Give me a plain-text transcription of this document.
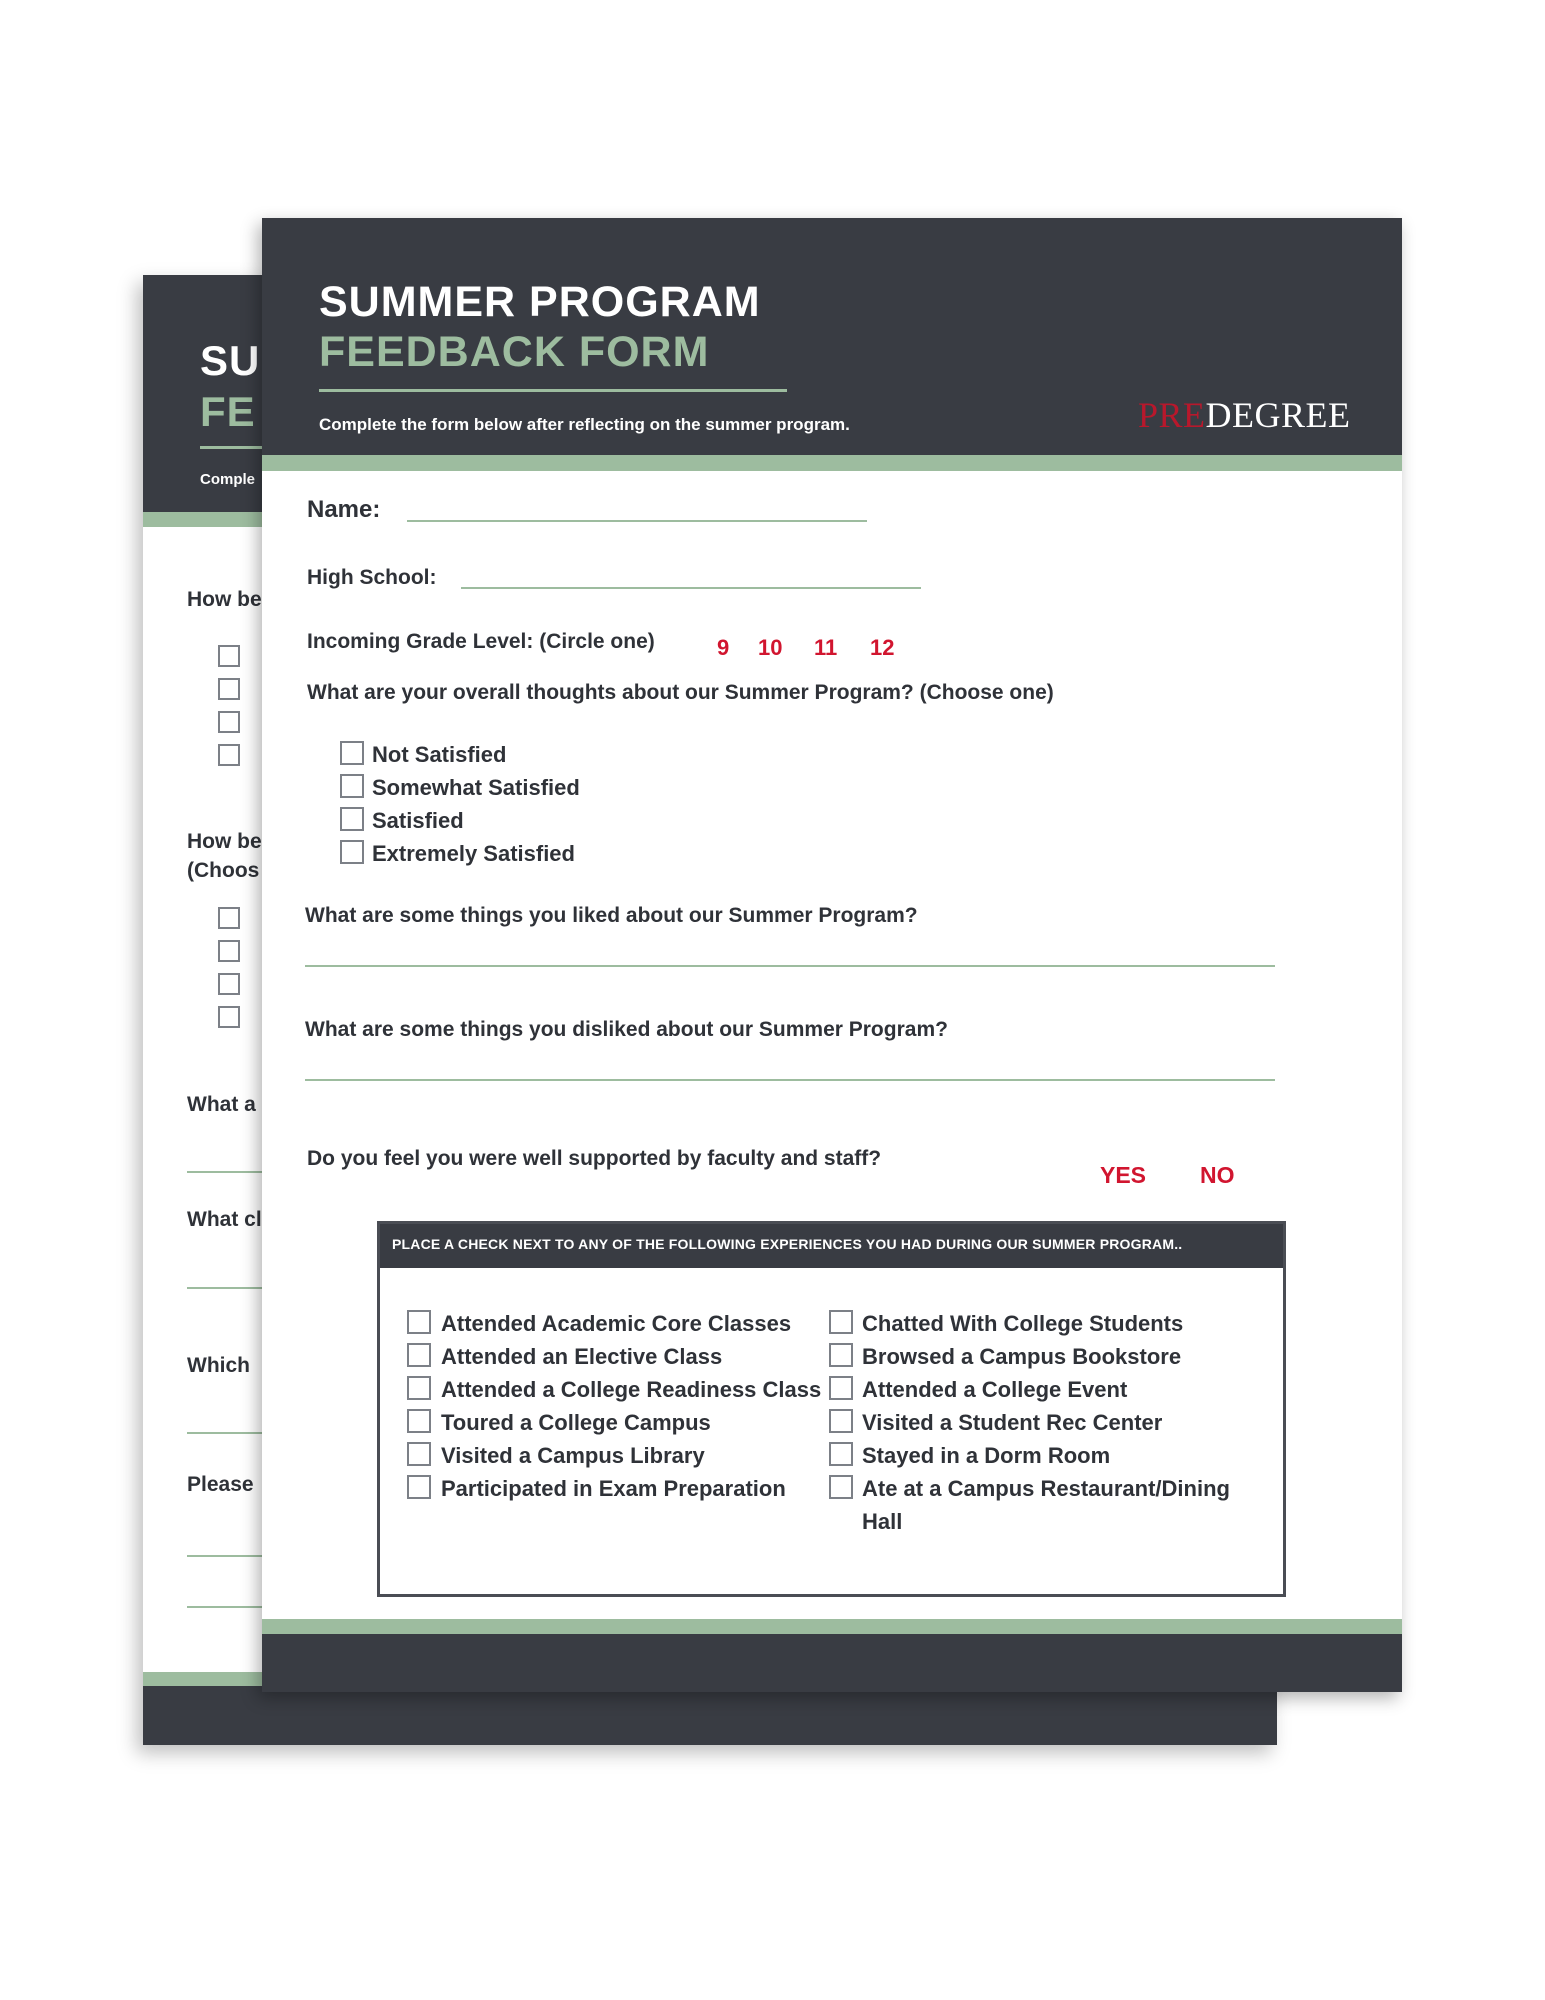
SU
FE
Comple
How be
How be
(Choos
What a
What cl
Which
Please
SUMMER PROGRAM
FEEDBACK FORM
Complete the form below after reflecting on the summer program.	PREDEGREE
Name:
High School:
Incoming Grade Level: (Circle one)	9 10 11 12
What are your overall thoughts about our Summer Program? (Choose one)
Not Satisfied
Somewhat Satisfied
Satisfied
Extremely Satisfied
What are some things you liked about our Summer Program?
What are some things you disliked about our Summer Program?
Do you feel you were well supported by faculty and staff?
YES NO
PLACE A CHECK NEXT TO ANY OF THE FOLLOWING EXPERIENCES YOU HAD DURING OUR SUMMER PROGRAM..
Attended Academic Core Classes
Attended an Elective Class
Attended a College Readiness Class
Toured a College Campus
Visited a Campus Library
Participated in Exam Preparation
Chatted With College Students
Browsed a Campus Bookstore
Attended a College Event
Visited a Student Rec Center
Stayed in a Dorm Room
Ate at a Campus Restaurant/Dining
Hall
